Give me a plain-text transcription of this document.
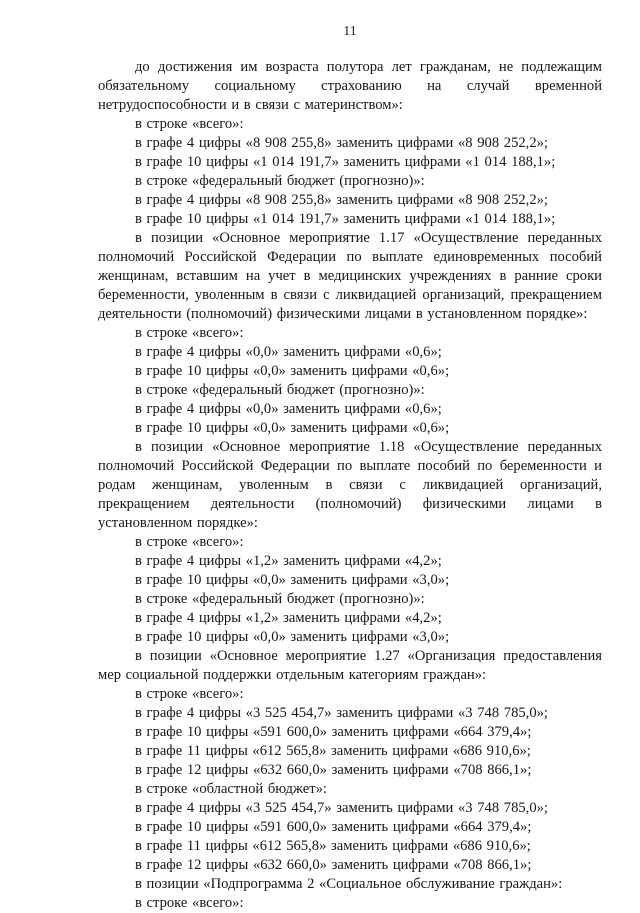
11

до достижения им возраста полутора лет гражданам, не подлежащим обязательному социальному страхованию на случай временной нетрудоспособности и в связи с материнством»:

в строке «всего»:

в графе 4 цифры «8 908 255,8» заменить цифрами «8 908 252,2»;

в графе 10 цифры «1 014 191,7» заменить цифрами «1 014 188,1»;

в строке «федеральный бюджет (прогнозно)»:

в графе 4 цифры «8 908 255,8» заменить цифрами «8 908 252,2»;

в графе 10 цифры «1 014 191,7» заменить цифрами «1 014 188,1»;

в позиции «Основное мероприятие 1.17 «Осуществление переданных полномочий Российской Федерации по выплате единовременных пособий женщинам, вставшим на учет в медицинских учреждениях в ранние сроки беременности, уволенным в связи с ликвидацией организаций, прекращением деятельности (полномочий) физическими лицами в установленном порядке»:

в строке «всего»:

в графе 4 цифры «0,0» заменить цифрами «0,6»;

в графе 10 цифры «0,0» заменить цифрами «0,6»;

в строке «федеральный бюджет (прогнозно)»:

в графе 4 цифры «0,0» заменить цифрами «0,6»;

в графе 10 цифры «0,0» заменить цифрами «0,6»;

в позиции «Основное мероприятие 1.18 «Осуществление переданных полномочий Российской Федерации по выплате пособий по беременности и родам женщинам, уволенным в связи с ликвидацией организаций, прекращением деятельности (полномочий) физическими лицами в установленном порядке»:

в строке «всего»:

в графе 4 цифры «1,2» заменить цифрами «4,2»;

в графе 10 цифры «0,0» заменить цифрами «3,0»;

в строке «федеральный бюджет (прогнозно)»:

в графе 4 цифры «1,2» заменить цифрами «4,2»;

в графе 10 цифры «0,0» заменить цифрами «3,0»;

в позиции «Основное мероприятие 1.27 «Организация предоставления мер социальной поддержки отдельным категориям граждан»:

в строке «всего»:

в графе 4 цифры «3 525 454,7» заменить цифрами «3 748 785,0»;

в графе 10 цифры «591 600,0» заменить цифрами «664 379,4»;

в графе 11 цифры «612 565,8» заменить цифрами «686 910,6»;

в графе 12 цифры «632 660,0» заменить цифрами «708 866,1»;

в строке «областной бюджет»:

в графе 4 цифры «3 525 454,7» заменить цифрами «3 748 785,0»;

в графе 10 цифры «591 600,0» заменить цифрами «664 379,4»;

в графе 11 цифры «612 565,8» заменить цифрами «686 910,6»;

в графе 12 цифры «632 660,0» заменить цифрами «708 866,1»;

в позиции «Подпрограмма 2 «Социальное обслуживание граждан»:

в строке «всего»:
